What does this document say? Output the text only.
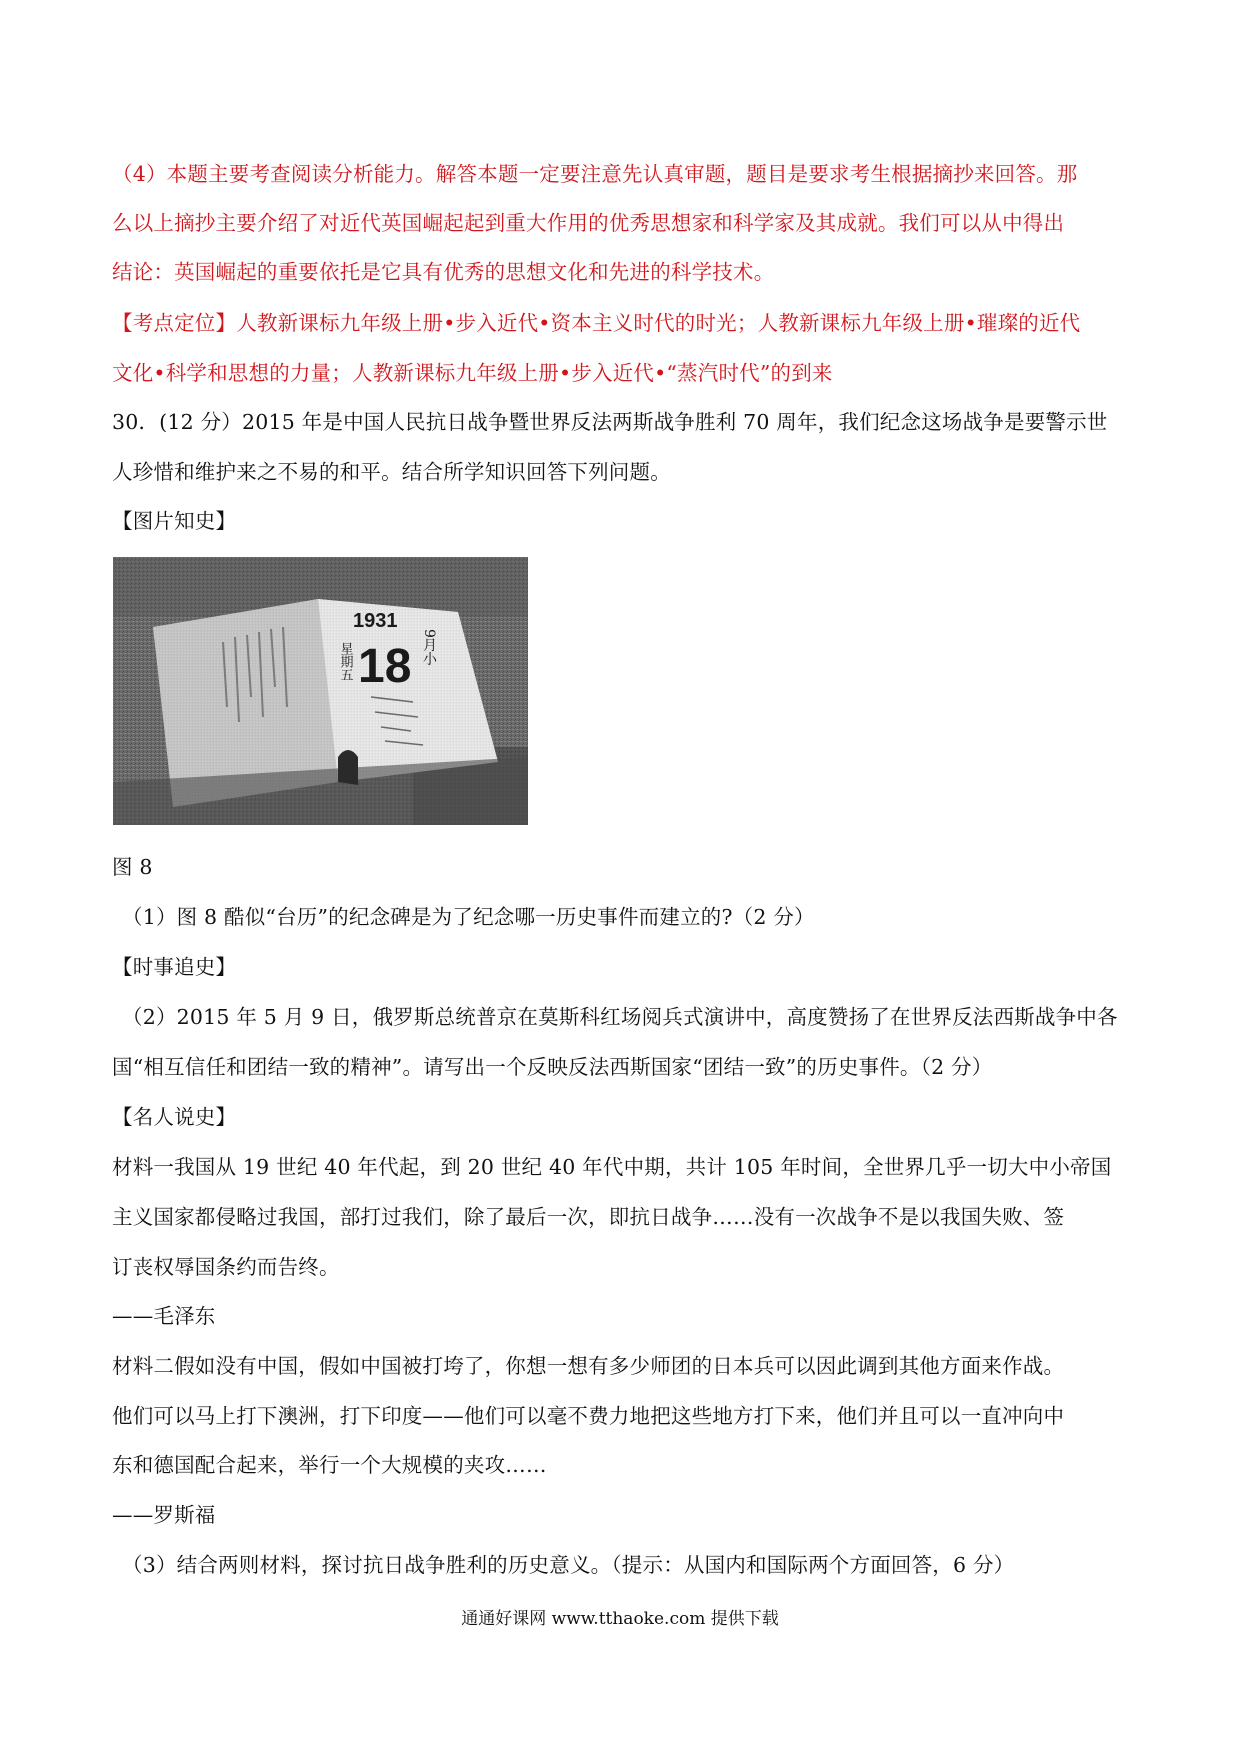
（4）本题主要考查阅读分析能力。解答本题一定要注意先认真审题，题目是要求考生根据摘抄来回答。那
么以上摘抄主要介绍了对近代英国崛起起到重大作用的优秀思想家和科学家及其成就。我们可以从中得出
结论：英国崛起的重要依托是它具有优秀的思想文化和先进的科学技术。
【考点定位】人教新课标九年级上册•步入近代•资本主义时代的时光；人教新课标九年级上册•璀璨的近代
文化•科学和思想的力量；人教新课标九年级上册•步入近代•“蒸汽时代”的到来
30．(12 分）2015 年是中国人民抗日战争暨世界反法两斯战争胜利 70 周年，我们纪念这场战争是要警示世
人珍惜和维护来之不易的和平。结合所学知识回答下列问题。
【图片知史】
1931
18 9月小
星期五
图 8
（1）图 8 酷似“台历”的纪念碑是为了纪念哪一历史事件而建立的?（2 分）
【时事追史】
（2）2015 年 5 月 9 日，俄罗斯总统普京在莫斯科红场阅兵式演讲中，高度赞扬了在世界反法西斯战争中各
国“相互信任和团结一致的精神”。请写出一个反映反法西斯国家“团结一致”的历史事件。（2 分）
【名人说史】
材料一我国从 19 世纪 40 年代起，到 20 世纪 40 年代中期，共计 105 年时间，全世界几乎一切大中小帝国
主义国家都侵略过我国，部打过我们，除了最后一次，即抗日战争……没有一次战争不是以我国失败、签
订丧权辱国条约而告终。
——毛泽东
材料二假如没有中国，假如中国被打垮了，你想一想有多少师团的日本兵可以因此调到其他方面来作战。
他们可以马上打下澳洲，打下印度——他们可以毫不费力地把这些地方打下来，他们并且可以一直冲向中
东和德国配合起来，举行一个大规模的夹攻……
——罗斯福
（3）结合两则材料，探讨抗日战争胜利的历史意义。（提示：从国内和国际两个方面回答，6 分）
通通好课网 www.tthaoke.com 提供下载
